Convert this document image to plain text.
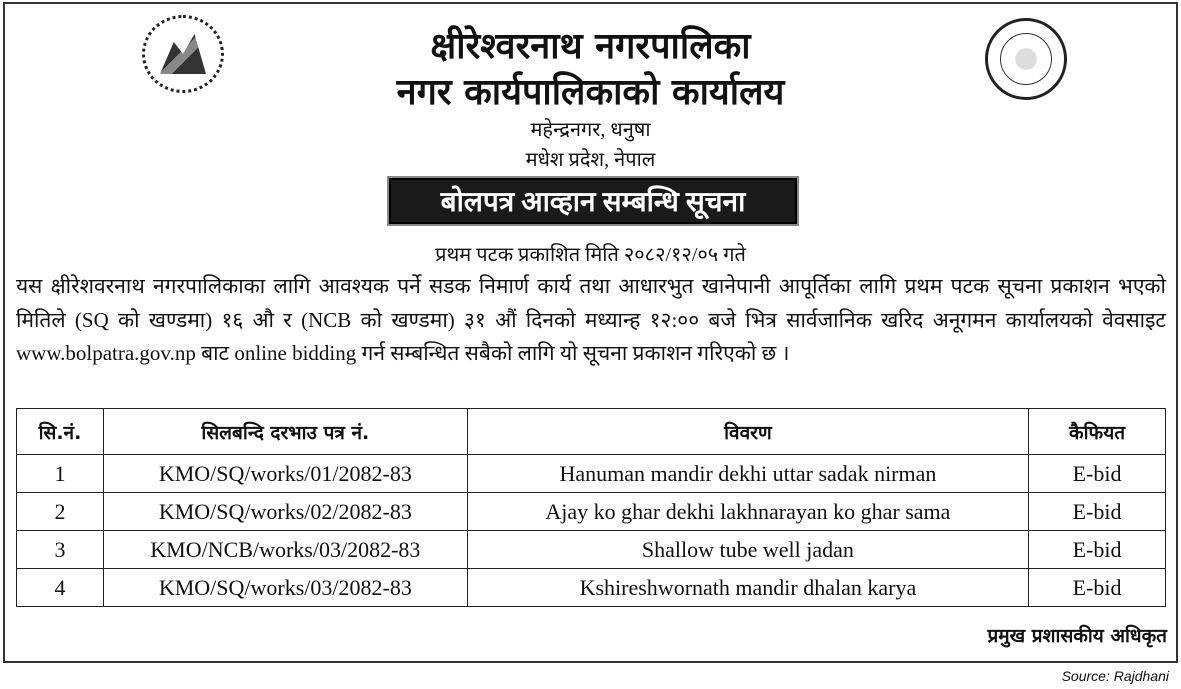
क्षीरेश्वरनाथ नगरपालिका
नगर कार्यपालिकाको कार्यालय
महेन्द्रनगर, धनुषा
मधेश प्रदेश, नेपाल
बोलपत्र आव्हान सम्बन्धि सूचना
प्रथम पटक प्रकाशित मिति २०८२/१२/०५ गते
यस क्षीरेशवरनाथ नगरपालिकाका लागि आवश्यक पर्ने सडक निमार्ण कार्य तथा आधारभुत खानेपानी आपूर्तिका लागि प्रथम पटक सूचना प्रकाशन भएको मितिले (SQ को खण्डमा) १६ औ र (NCB को खण्डमा) ३१ औं दिनको मध्यान्ह १२:०० बजे भित्र सार्वजानिक खरिद अनूगमन कार्यालयको वेवसाइट www.bolpatra.gov.np बाट online bidding गर्न सम्बन्धित सबैको लागि यो सूचना प्रकाशन गरिएको छ ।
सि.नं.	सिलबन्दि दरभाउ पत्र नं.	विवरण	कैफियत
1	KMO/SQ/works/01/2082-83	Hanuman mandir dekhi uttar sadak nirman	E-bid
2	KMO/SQ/works/02/2082-83	Ajay ko ghar dekhi lakhnarayan ko ghar sama	E-bid
3	KMO/NCB/works/03/2082-83	Shallow tube well jadan	E-bid
4	KMO/SQ/works/03/2082-83	Kshireshwornath mandir dhalan karya	E-bid
प्रमुख प्रशासकीय अधिकृत
Source: Rajdhani
